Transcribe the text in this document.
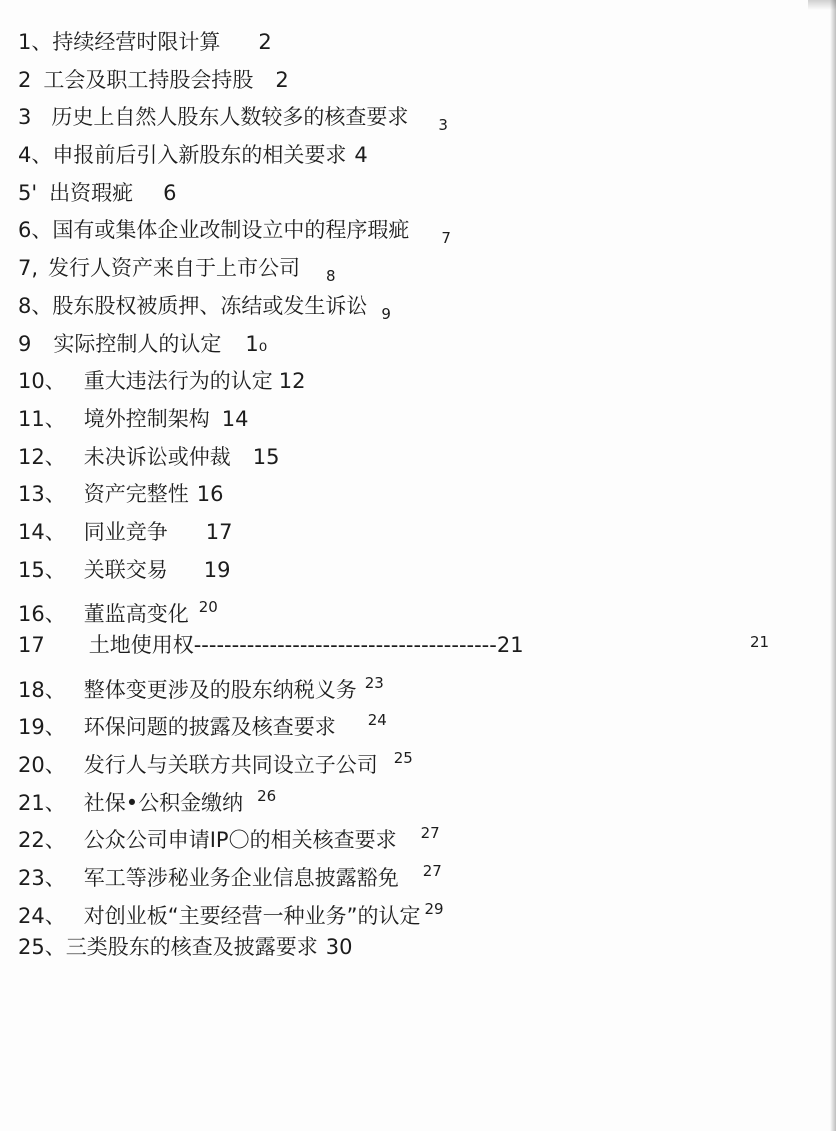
1、持续经营时限计算 2
2 工会及职工持股会持股 2
3 历史上自然人股东人数较多的核查要求 3
4、申报前后引入新股东的相关要求 4
5' 出资瑕疵 6
6、国有或集体企业改制设立中的程序瑕疵 7
7, 发行人资产来自于上市公司 8
8、股东股权被质押、冻结或发生诉讼 9
9 实际控制人的认定 1₀
10、 重大违法行为的认定 12
11、 境外控制架构 14
12、 未决诉讼或仲裁 15
13、 资产完整性 16
14、 同业竞争 17
15、 关联交易 19
16、 董监高变化 20
17 土地使用权----------------------------------------21	21
18、 整体变更涉及的股东纳税义务 23
19、 环保问题的披露及核查要求 24
20、 发行人与关联方共同设立子公司 25
21、 社保•公积金缴纳 26
22、 公众公司申请IP〇的相关核查要求 27
23、 军工等涉秘业务企业信息披露豁免 27
24、 对创业板“主要经营一种业务”的认定 29
25、三类股东的核查及披露要求 30
